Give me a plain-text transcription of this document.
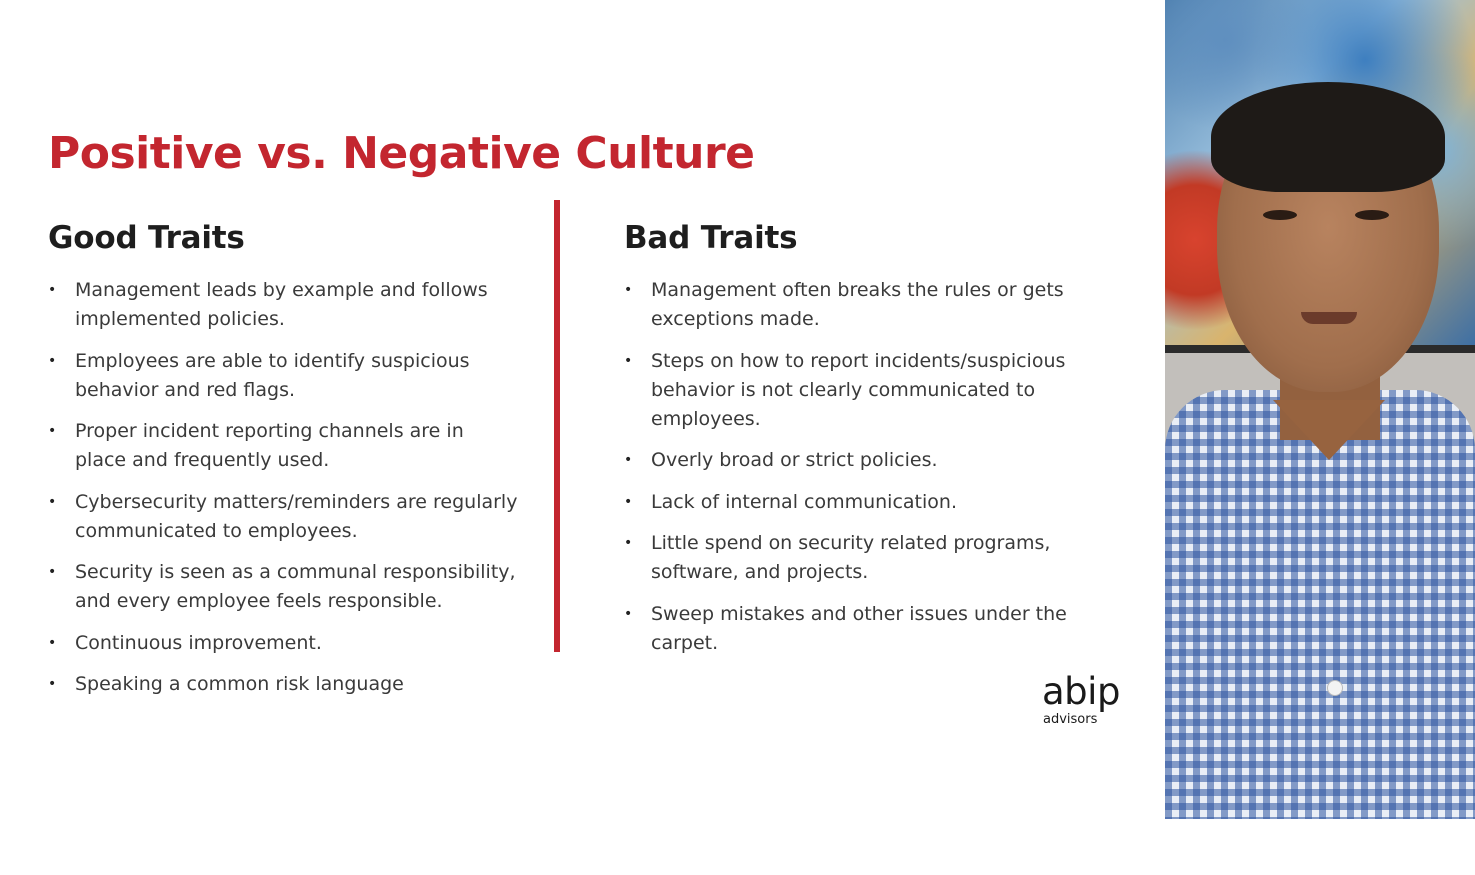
Positive vs. Negative Culture
Good Traits
• Management leads by example and follows implemented policies.
• Employees are able to identify suspicious behavior and red flags.
• Proper incident reporting channels are in place and frequently used.
• Cybersecurity matters/reminders are regularly communicated to employees.
• Security is seen as a communal responsibility, and every employee feels responsible.
• Continuous improvement.
• Speaking a common risk language
Bad Traits
• Management often breaks the rules or gets exceptions made.
• Steps on how to report incidents/suspicious behavior is not clearly communicated to employees.
• Overly broad or strict policies.
• Lack of internal communication.
• Little spend on security related programs, software, and projects.
• Sweep mistakes and other issues under the carpet.
abip
advisors
